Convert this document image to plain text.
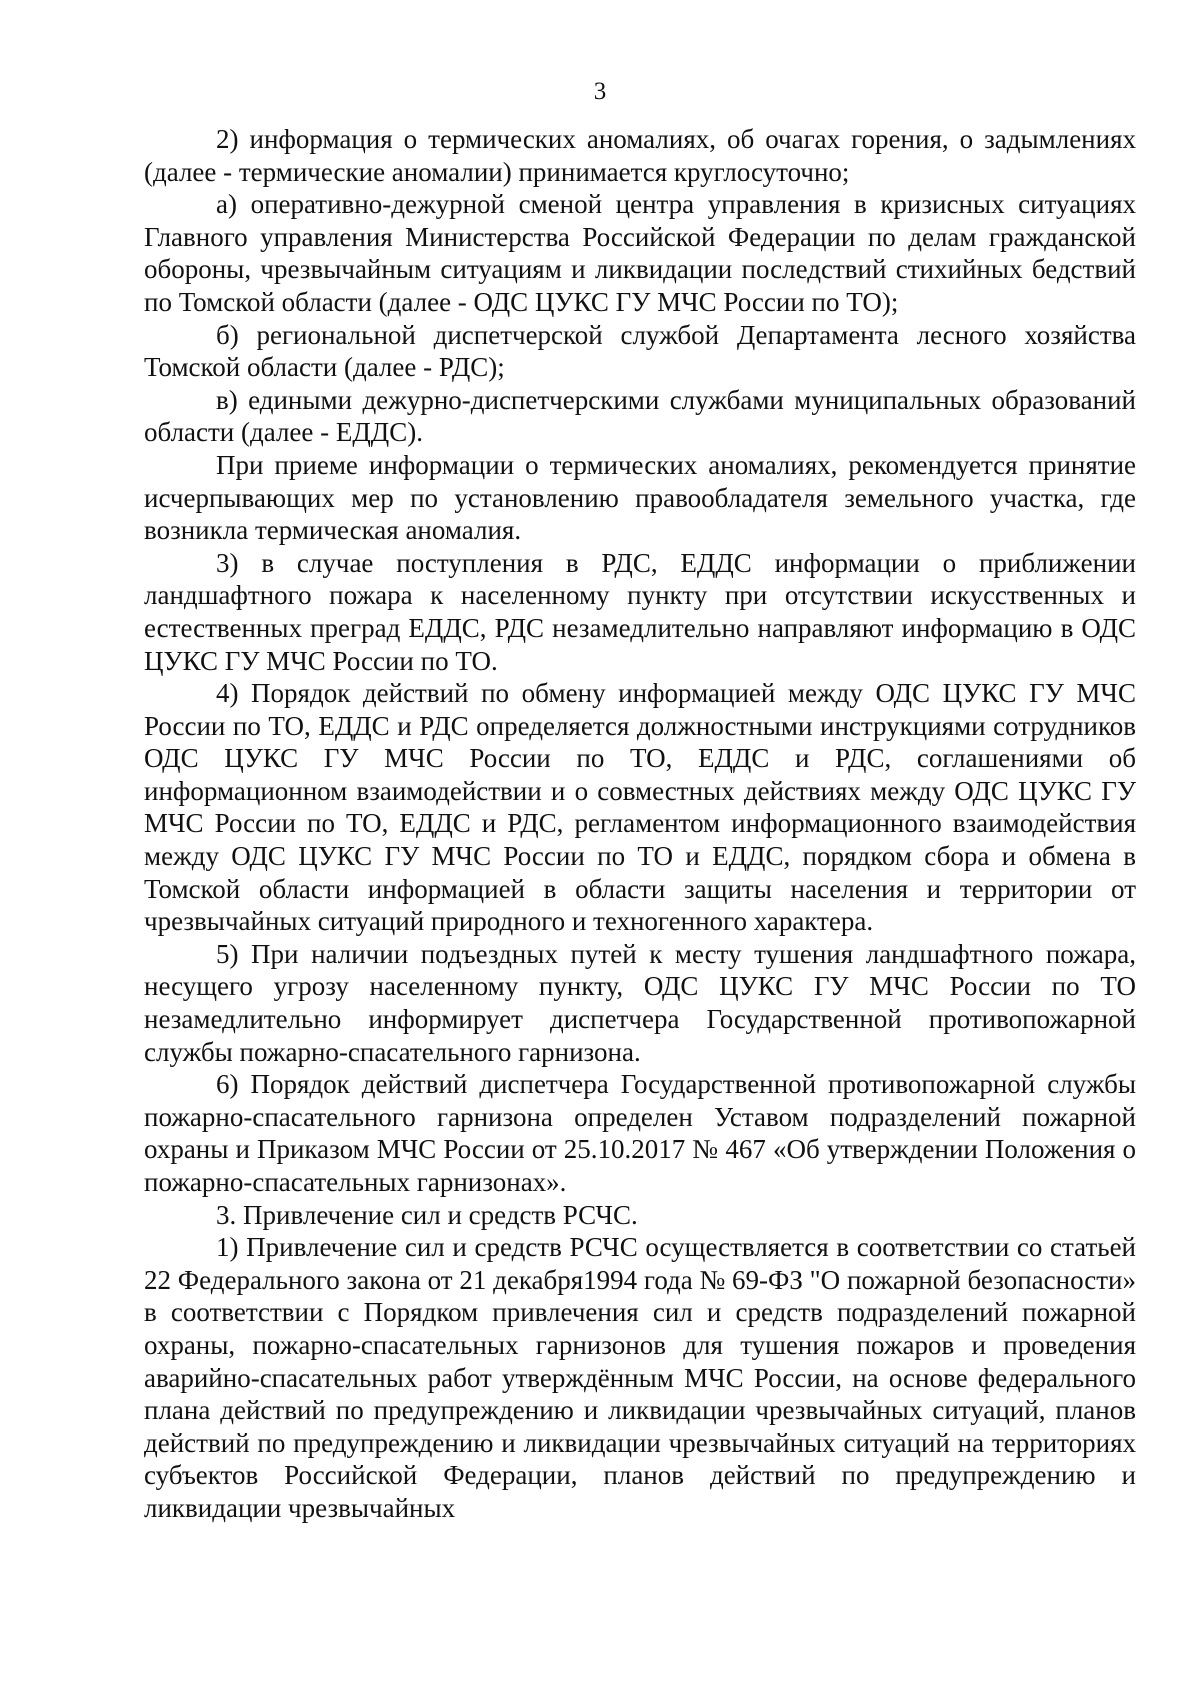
3

2) информация о термических аномалиях, об очагах горения, о задымлениях (далее - термические аномалии) принимается круглосуточно;

а) оперативно-дежурной сменой центра управления в кризисных ситуациях Главного управления Министерства Российской Федерации по делам гражданской обороны, чрезвычайным ситуациям и ликвидации последствий стихийных бедствий по Томской области (далее - ОДС ЦУКС ГУ МЧС России по ТО);

б) региональной диспетчерской службой Департамента лесного хозяйства Томской области (далее - РДС);

в) едиными дежурно-диспетчерскими службами муниципальных образований области (далее - ЕДДС).

При приеме информации о термических аномалиях, рекомендуется принятие исчерпывающих мер по установлению правообладателя земельного участка, где возникла термическая аномалия.

3) в случае поступления в РДС, ЕДДС информации о приближении ландшафтного пожара к населенному пункту при отсутствии искусственных и естественных преград ЕДДС, РДС незамедлительно направляют информацию в ОДС ЦУКС ГУ МЧС России по ТО.

4) Порядок действий по обмену информацией между ОДС ЦУКС ГУ МЧС России по ТО, ЕДДС и РДС определяется должностными инструкциями сотрудников ОДС ЦУКС ГУ МЧС России по ТО, ЕДДС и РДС, соглашениями об информационном взаимодействии и о совместных действиях между ОДС ЦУКС ГУ МЧС России по ТО, ЕДДС и РДС, регламентом информационного взаимодействия между ОДС ЦУКС ГУ МЧС России по ТО и ЕДДС, порядком сбора и обмена в Томской области информацией в области защиты населения и территории от чрезвычайных ситуаций природного и техногенного характера.

5) При наличии подъездных путей к месту тушения ландшафтного пожара, несущего угрозу населенному пункту, ОДС ЦУКС ГУ МЧС России по ТО незамедлительно информирует диспетчера Государственной противопожарной службы пожарно-спасательного гарнизона.

6) Порядок действий диспетчера Государственной противопожарной службы пожарно-спасательного гарнизона определен Уставом подразделений пожарной охраны и Приказом МЧС России от 25.10.2017 № 467 «Об утверждении Положения о пожарно-спасательных гарнизонах».

3. Привлечение сил и средств РСЧС.

1) Привлечение сил и средств РСЧС осуществляется в соответствии со статьей 22 Федерального закона от 21 декабря1994 года № 69-ФЗ "О пожарной безопасности» в соответствии с Порядком привлечения сил и средств подразделений пожарной охраны, пожарно-спасательных гарнизонов для тушения пожаров и проведения аварийно-спасательных работ утверждённым МЧС России, на основе федерального плана действий по предупреждению и ликвидации чрезвычайных ситуаций, планов действий по предупреждению и ликвидации чрезвычайных ситуаций на территориях субъектов Российской Федерации, планов действий по предупреждению и ликвидации чрезвычайных
